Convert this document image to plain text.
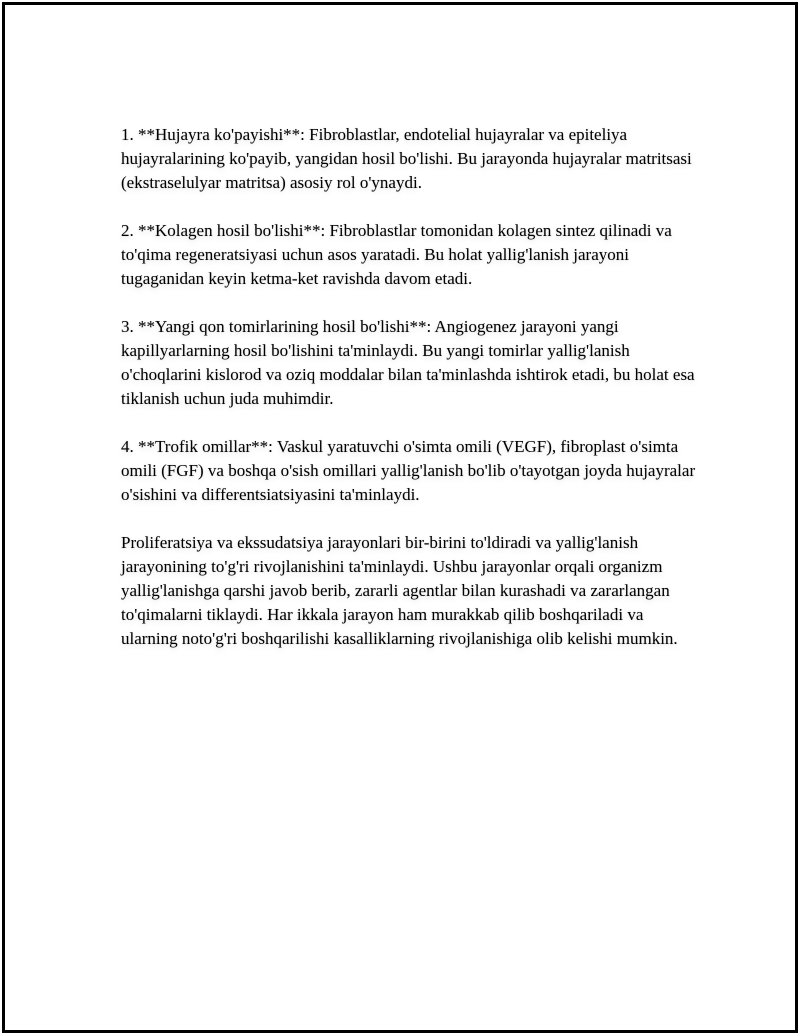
1. **Hujayra ko'payishi**: Fibroblastlar, endotelial hujayralar va epiteliya hujayralarining ko'payib, yangidan hosil bo'lishi. Bu jarayonda hujayralar matritsasi (ekstraselulyar matritsa) asosiy rol o'ynaydi.

2. **Kolagen hosil bo'lishi**: Fibroblastlar tomonidan kolagen sintez qilinadi va to'qima regeneratsiyasi uchun asos yaratadi. Bu holat yallig'lanish jarayoni tugaganidan keyin ketma-ket ravishda davom etadi.

3. **Yangi qon tomirlarining hosil bo'lishi**: Angiogenez jarayoni yangi kapillyarlarning hosil bo'lishini ta'minlaydi. Bu yangi tomirlar yallig'lanish o'choqlarini kislorod va oziq moddalar bilan ta'minlashda ishtirok etadi, bu holat esa tiklanish uchun juda muhimdir.

4. **Trofik omillar**: Vaskul yaratuvchi o'simta omili (VEGF), fibroplast o'simta omili (FGF) va boshqa o'sish omillari yallig'lanish bo'lib o'tayotgan joyda hujayralar o'sishini va differentsiatsiyasini ta'minlaydi.

Proliferatsiya va ekssudatsiya jarayonlari bir-birini to'ldiradi va yallig'lanish jarayonining to'g'ri rivojlanishini ta'minlaydi. Ushbu jarayonlar orqali organizm yallig'lanishga qarshi javob berib, zararli agentlar bilan kurashadi va zararlangan to'qimalarni tiklaydi. Har ikkala jarayon ham murakkab qilib boshqariladi va ularning noto'g'ri boshqarilishi kasalliklarning rivojlanishiga olib kelishi mumkin.
